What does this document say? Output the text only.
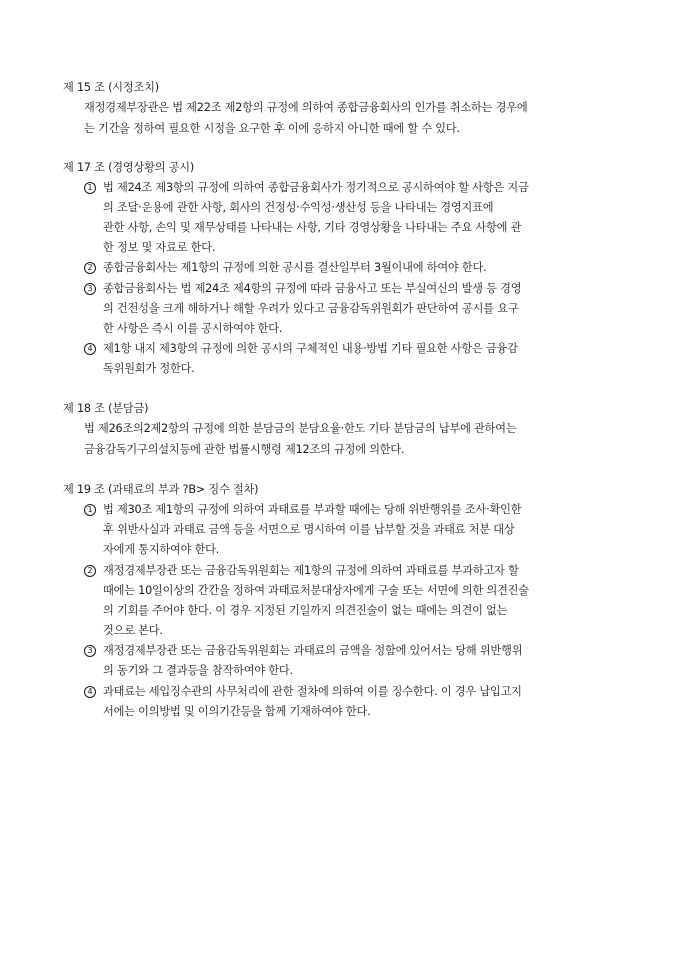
제 15 조 (시정조치)
재정경제부장관은 법 제22조 제2항의 규정에 의하여 종합금융회사의 인가를 취소하는 경우에
는 기간을 정하여 필요한 시정을 요구한 후 이에 응하지 아니한 때에 할 수 있다.
제 17 조 (경영상황의 공시)
1 법 제24조 제3항의 규정에 의하여 종합금융회사가 정기적으로 공시하여야 할 사항은 지금
의 조달·운용에 관한 사항, 회사의 건정성·수익성·생산성 등을 나타내는 경영지표에
관한 사항, 손익 및 재무상태를 나타내는 사항, 기타 경영상황을 나타내는 주요 사항에 관
한 정보 및 자료로 한다.
2 종합금융회사는 제1항의 규정에 의한 공시를 결산일부터 3월이내에 하여야 한다.
3 종합금융회사는 법 제24조 제4항의 규정에 따라 금융사고 또는 부실여신의 발생 등 경영
의 건전성을 크게 해하거나 해할 우려가 있다고 금융감독위원회가 판단하여 공시를 요구
한 사항은 즉시 이를 공시하여야 한다.
4 제1항 내지 제3항의 규정에 의한 공시의 구체적인 내용·방법 기타 필요한 사항은 금융감
독위원회가 정한다.
제 18 조 (분담금)
법 제26조의2제2항의 규정에 의한 분담금의 분담요율·한도 기타 분담금의 납부에 관하여는
금융감독기구의설치등에 관한 법률시행령 제12조의 규정에 의한다.
제 19 조 (과태료의 부과 ?B> 징수 절차)
1 법 제30조 제1항의 규정에 의하여 과태료를 부과할 때에는 당해 위반행위를 조사·확인한
후 위반사실과 과태료 금액 등을 서면으로 명시하여 이를 납부할 것을 과태료 처분 대상
자에게 통지하여야 한다.
2 재정경제부장관 또는 금융감독위원회는 제1항의 규정에 의하여 과태료를 부과하고자 할
때에는 10일이상의 간간을 정하여 과태료처분대상자에게 구술 또는 서면에 의한 의견진술
의 기회를 주어야 한다. 이 경우 지정된 기일까지 의견진술이 없는 때에는 의견이 없는
것으로 본다.
3 재정경제부장관 또는 금융감독위원회는 과태료의 금액을 정함에 있어서는 당해 위반행위
의 동기와 그 결과등을 참작하여야 한다.
4 과태료는 세입징수관의 사무처리에 관한 절차에 의하여 이를 징수한다. 이 경우 납입고지
서에는 이의방법 및 이의기간등을 함께 기재하여야 한다.
